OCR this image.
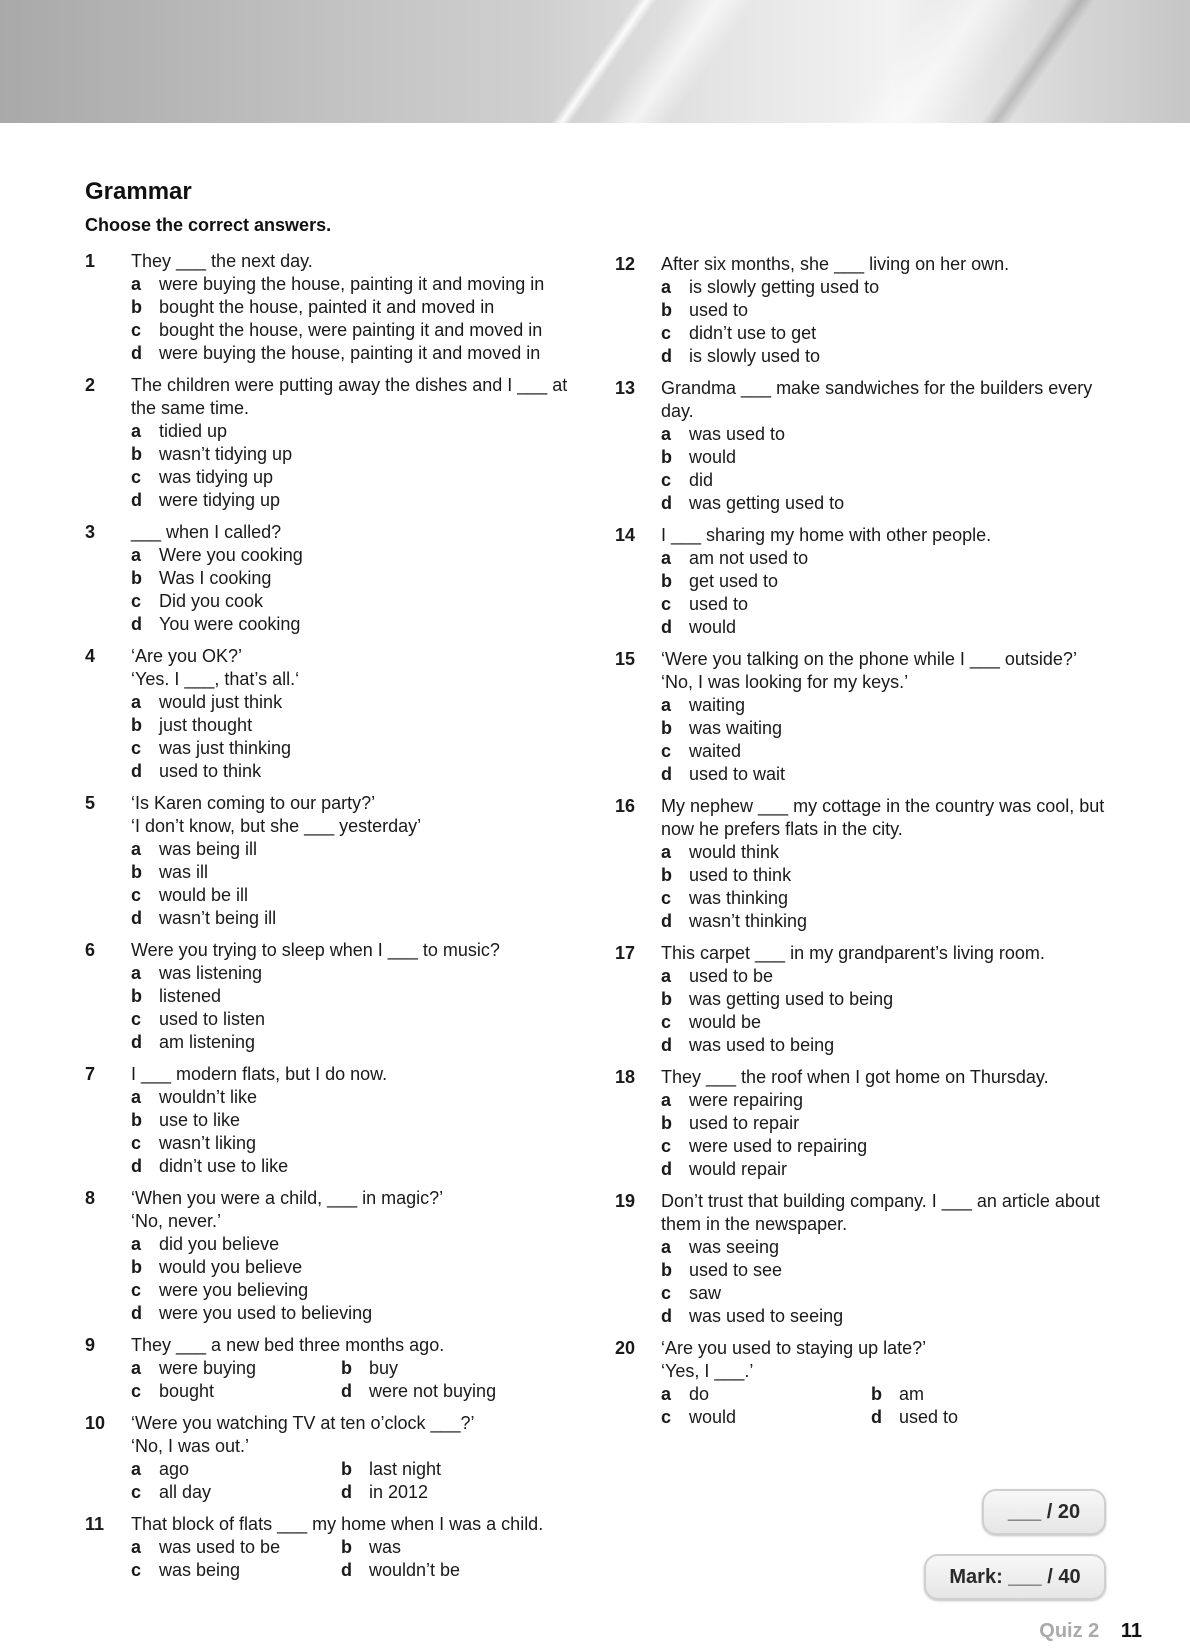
Grammar
Choose the correct answers.
1	They ___ the next day.
a were buying the house, painting it and moving in
b bought the house, painted it and moved in
c bought the house, were painting it and moved in
d were buying the house, painting it and moved in
2	The children were putting away the dishes and I ___ at the same time.
a tidied up
b wasn’t tidying up
c was tidying up
d were tidying up
3	___ when I called?
a Were you cooking
b Was I cooking
c Did you cook
d You were cooking
4	‘Are you OK?’
‘Yes. I ___, that’s all.‘
a would just think
b just thought
c was just thinking
d used to think
5	‘Is Karen coming to our party?’
‘I don’t know, but she ___ yesterday’
a was being ill
b was ill
c would be ill
d wasn’t being ill
6	Were you trying to sleep when I ___ to music?
a was listening
b listened
c used to listen
d am listening
7	I ___ modern flats, but I do now.
a wouldn’t like
b use to like
c wasn’t liking
d didn’t use to like
8	‘When you were a child, ___ in magic?’
‘No, never.’
a did you believe
b would you believe
c were you believing
d were you used to believing
9	They ___ a new bed three months ago.
a were buying	b buy
c bought	d were not buying
10	‘Were you watching TV at ten o’clock ___?’
‘No, I was out.’
a ago	b last night
c all day	d in 2012
11	That block of flats ___ my home when I was a child.
a was used to be	b was
c was being	d wouldn’t be
12	After six months, she ___ living on her own.
a is slowly getting used to
b used to
c didn’t use to get
d is slowly used to
13	Grandma ___ make sandwiches for the builders every day.
a was used to
b would
c did
d was getting used to
14	I ___ sharing my home with other people.
a am not used to
b get used to
c used to
d would
15	‘Were you talking on the phone while I ___ outside?’
‘No, I was looking for my keys.’
a waiting
b was waiting
c waited
d used to wait
16	My nephew ___ my cottage in the country was cool, but now he prefers flats in the city.
a would think
b used to think
c was thinking
d wasn’t thinking
17	This carpet ___ in my grandparent’s living room.
a used to be
b was getting used to being
c would be
d was used to being
18	They ___ the roof when I got home on Thursday.
a were repairing
b used to repair
c were used to repairing
d would repair
19	Don’t trust that building company. I ___ an article about them in the newspaper.
a was seeing
b used to see
c saw
d was used to seeing
20	‘Are you used to staying up late?’
‘Yes, I ___.’
a do	b am
c would	d used to
___ / 20
Mark: ___ / 40
Quiz 2 11
